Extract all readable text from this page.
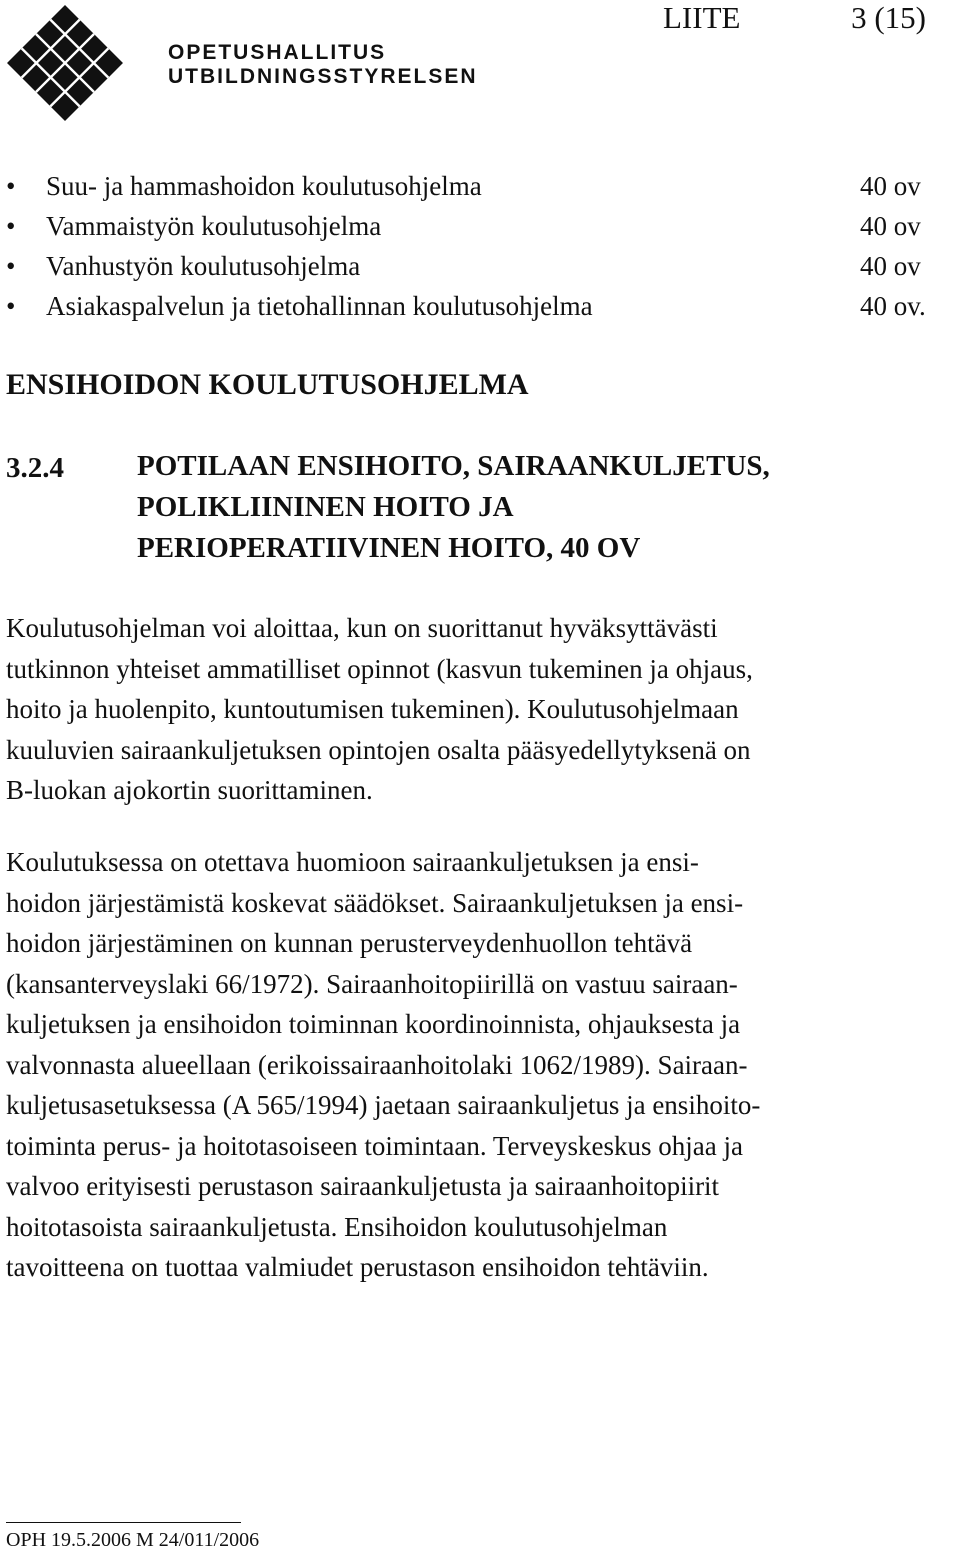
OPETUSHALLITUS
UTBILDNINGSSTYRELSEN
LIITE	3 (15)
• Suu- ja hammashoidon koulutusohjelma	40 ov
• Vammaistyön koulutusohjelma	40 ov
• Vanhustyön koulutusohjelma	40 ov
• Asiakaspalvelun ja tietohallinnan koulutusohjelma	40 ov.
ENSIHOIDON KOULUTUSOHJELMA
3.2.4	POTILAAN ENSIHOITO, SAIRAANKULJETUS,
POLIKLIININEN HOITO JA
PERIOPERATIIVINEN HOITO, 40 OV
Koulutusohjelman voi aloittaa, kun on suorittanut hyväksyttävästi
tutkinnon yhteiset ammatilliset opinnot (kasvun tukeminen ja ohjaus,
hoito ja huolenpito, kuntoutumisen tukeminen). Koulutusohjelmaan
kuuluvien sairaankuljetuksen opintojen osalta pääsyedellytyksenä on
B-luokan ajokortin suorittaminen.
Koulutuksessa on otettava huomioon sairaankuljetuksen ja ensi-
hoidon järjestämistä koskevat säädökset. Sairaankuljetuksen ja ensi-
hoidon järjestäminen on kunnan perusterveydenhuollon tehtävä
(kansanterveyslaki 66/1972). Sairaanhoitopiirillä on vastuu sairaan-
kuljetuksen ja ensihoidon toiminnan koordinoinnista, ohjauksesta ja
valvonnasta alueellaan (erikoissairaanhoitolaki 1062/1989). Sairaan-
kuljetusasetuksessa (A 565/1994) jaetaan sairaankuljetus ja ensihoito-
toiminta perus- ja hoitotasoiseen toimintaan. Terveyskeskus ohjaa ja
valvoo erityisesti perustason sairaankuljetusta ja sairaanhoitopiirit
hoitotasoista sairaankuljetusta. Ensihoidon koulutusohjelman
tavoitteena on tuottaa valmiudet perustason ensihoidon tehtäviin.
OPH 19.5.2006 M 24/011/2006
